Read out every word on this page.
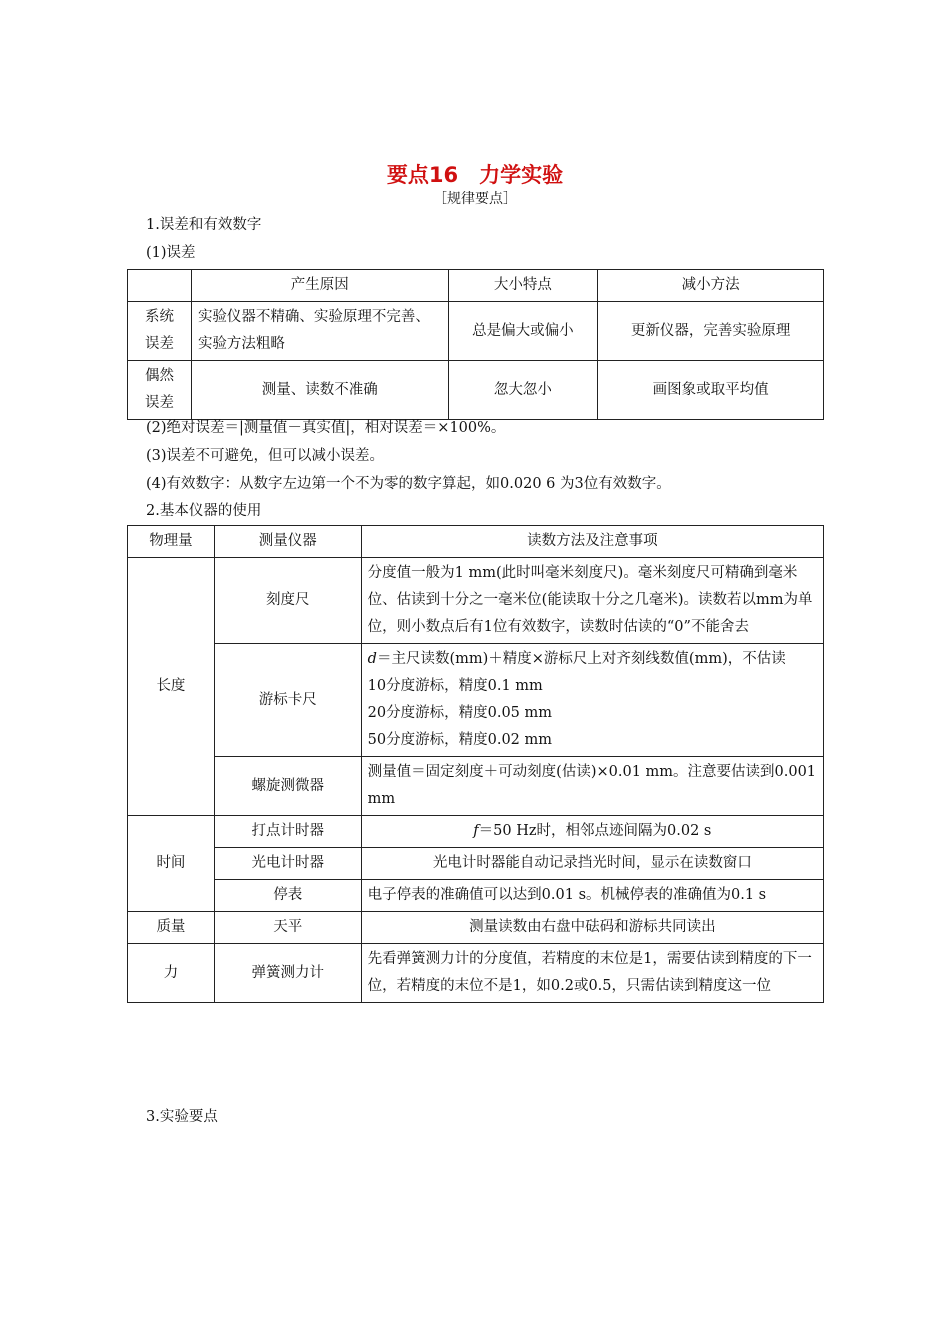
要点16　力学实验
［规律要点］
1.误差和有效数字
(1)误差
	产生原因	大小特点	减小方法
系统误差	实验仪器不精确、实验原理不完善、实验方法粗略	总是偏大或偏小	更新仪器，完善实验原理
偶然误差	测量、读数不准确	忽大忽小	画图象或取平均值
(2)绝对误差＝|测量值－真实值|，相对误差＝×100%。
(3)误差不可避免，但可以减小误差。
(4)有效数字：从数字左边第一个不为零的数字算起，如0.020 6 为3位有效数字。
2.基本仪器的使用
物理量	测量仪器	读数方法及注意事项
长度	刻度尺	分度值一般为1 mm(此时叫毫米刻度尺)。毫米刻度尺可精确到毫米位、估读到十分之一毫米位(能读取十分之几毫米)。读数若以mm为单位，则小数点后有1位有效数字，读数时估读的“0”不能舍去
	游标卡尺	d＝主尺读数(mm)＋精度×游标尺上对齐刻线数值(mm)，不估读
10分度游标，精度0.1 mm
20分度游标，精度0.05 mm
50分度游标，精度0.02 mm

	螺旋测微器	测量值＝固定刻度＋可动刻度(估读)×0.01 mm。注意要估读到0.001 mm
时间	打点计时器	f＝50 Hz时，相邻点迹间隔为0.02 s
	光电计时器	光电计时器能自动记录挡光时间，显示在读数窗口
	停表	电子停表的准确值可以达到0.01 s。机械停表的准确值为0.1 s
质量	天平	测量读数由右盘中砝码和游标共同读出
力	弹簧测力计	先看弹簧测力计的分度值，若精度的末位是1，需要估读到精度的下一位，若精度的末位不是1，如0.2或0.5，只需估读到精度这一位
3.实验要点
